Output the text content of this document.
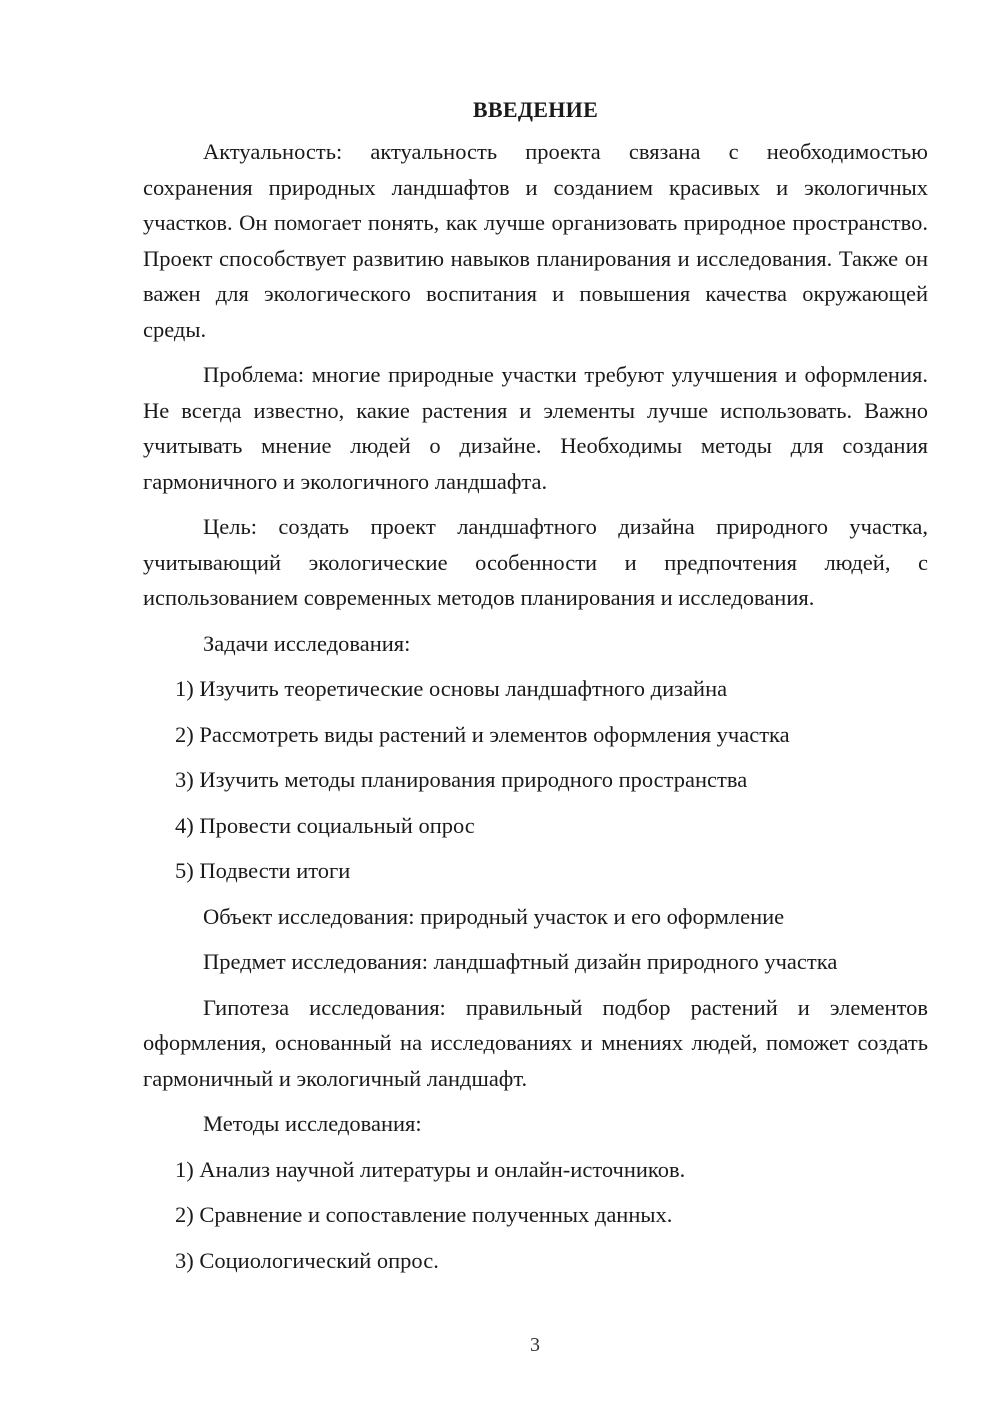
ВВЕДЕНИЕ

Актуальность: актуальность проекта связана с необходимостью сохранения природных ландшафтов и созданием красивых и экологичных участков. Он помогает понять, как лучше организовать природное пространство. Проект способствует развитию навыков планирования и исследования. Также он важен для экологического воспитания и повышения качества окружающей среды.

Проблема: многие природные участки требуют улучшения и оформления. Не всегда известно, какие растения и элементы лучше использовать. Важно учитывать мнение людей о дизайне. Необходимы методы для создания гармоничного и экологичного ландшафта.

Цель: создать проект ландшафтного дизайна природного участка, учитывающий экологические особенности и предпочтения людей, с использованием современных методов планирования и исследования.

Задачи исследования:

1) Изучить теоретические основы ландшафтного дизайна

2) Рассмотреть виды растений и элементов оформления участка

3) Изучить методы планирования природного пространства

4) Провести социальный опрос

5) Подвести итоги

Объект исследования: природный участок и его оформление

Предмет исследования: ландшафтный дизайн природного участка

Гипотеза исследования: правильный подбор растений и элементов оформления, основанный на исследованиях и мнениях людей, поможет создать гармоничный и экологичный ландшафт.

Методы исследования:

1) Анализ научной литературы и онлайн-источников.

2) Сравнение и сопоставление полученных данных.

3) Социологический опрос.

3
